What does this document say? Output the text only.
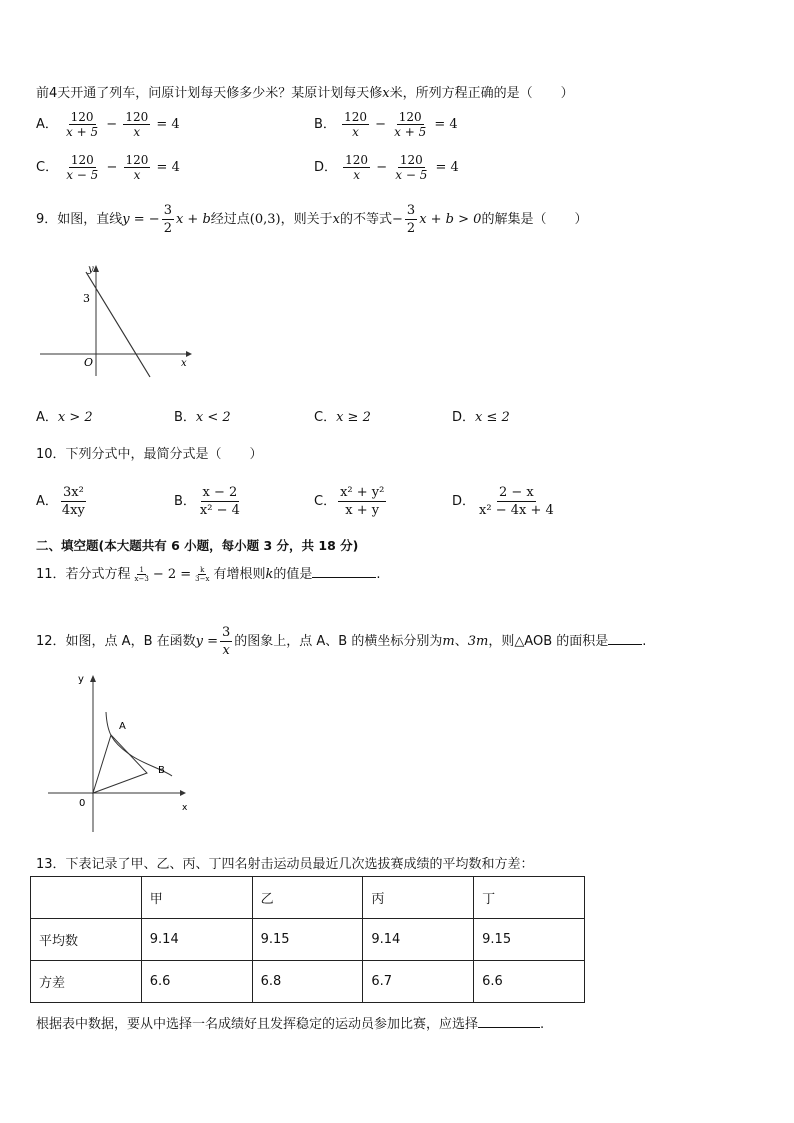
前4天开通了列车，问原计划每天修多少米？某原计划每天修x米，所列方程正确的是（ ）
A． $\frac{120}{x + 5} - \frac{120}{x} = 4$	B． $\frac{120}{x} - \frac{120}{x + 5} = 4$
C． $\frac{120}{x - 5} - \frac{120}{x} = 4$	D． $\frac{120}{x} - \frac{120}{x - 5} = 4$
9．如图，直线y = − $\frac{3}{2}$ x + b经过点(0,3)，则关于x的不等式− $\frac{3}{2}$ x + b > 0的解集是（ ）
y
x
O
3
A．x > 2	B．x < 2	C．x ≥ 2	D．x ≤ 2
10．下列分式中，最简分式是（ ）
A． $\frac{\text{3x²}}{4xy}$	B． $\frac{x - 2}{\text{x² − 4}}$	C． $\frac{\text{x² + y²}}{x + y}$	D． $\frac{2 - x}{\text{x² − 4x + 4}}$
二、填空题(本大题共有 6 小题，每小题 3 分，共 18 分)
11．若分式方程 $\frac{1}{x-3} - 2 = \frac{k}{3-x}$ 有增根则k的值是	.
12．如图，点 A，B 在函数$y = \frac{3}{x}$ 的图象上，点 A、B 的横坐标分别为m、3m，则△AOB 的面积是	.
y
x
0
A
B
13．下表记录了甲、乙、丙、丁四名射击运动员最近几次选拔赛成绩的平均数和方差：
	甲	乙	丙	丁
平均数	9.14	9.15	9.14	9.15
方差	6.6	6.8	6.7	6.6
根据表中数据，要从中选择一名成绩好且发挥稳定的运动员参加比赛，应选择	.
